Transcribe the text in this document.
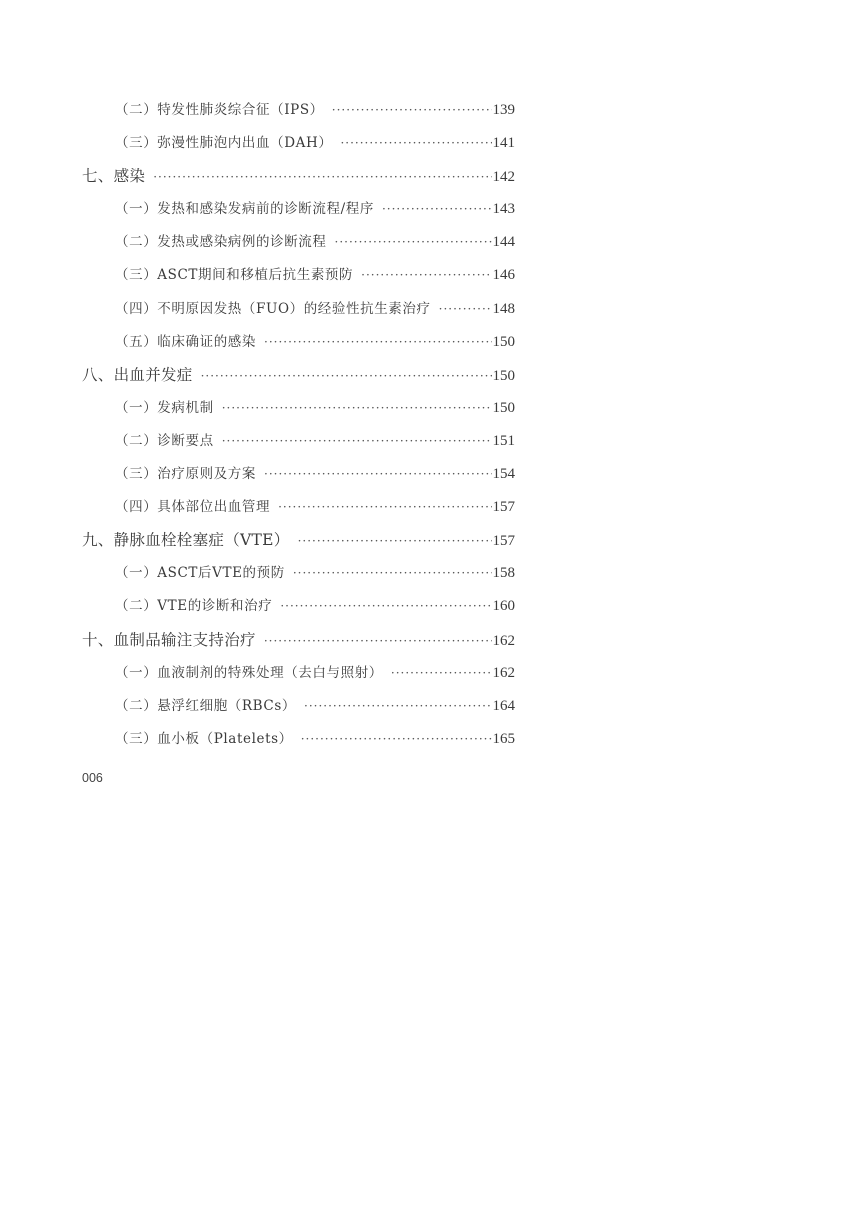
（二）特发性肺炎综合征（IPS） ·····	139
（三）弥漫性肺泡内出血（DAH） ·····	141
七、感染 ·····	142
（一）发热和感染发病前的诊断流程/程序 ·····	143
（二）发热或感染病例的诊断流程 ·····	144
（三）ASCT期间和移植后抗生素预防 ·····	146
（四）不明原因发热（FUO）的经验性抗生素治疗 ·····	148
（五）临床确证的感染 ·····	150
八、出血并发症 ·····	150
（一）发病机制 ·····	150
（二）诊断要点 ·····	151
（三）治疗原则及方案 ·····	154
（四）具体部位出血管理 ·····	157
九、静脉血栓栓塞症（VTE） ·····	157
（一）ASCT后VTE的预防 ·····	158
（二）VTE的诊断和治疗 ·····	160
十、血制品输注支持治疗 ·····	162
（一）血液制剂的特殊处理（去白与照射） ·····	162
（二）悬浮红细胞（RBCs） ·····	164
（三）血小板（Platelets） ·····	165
006
